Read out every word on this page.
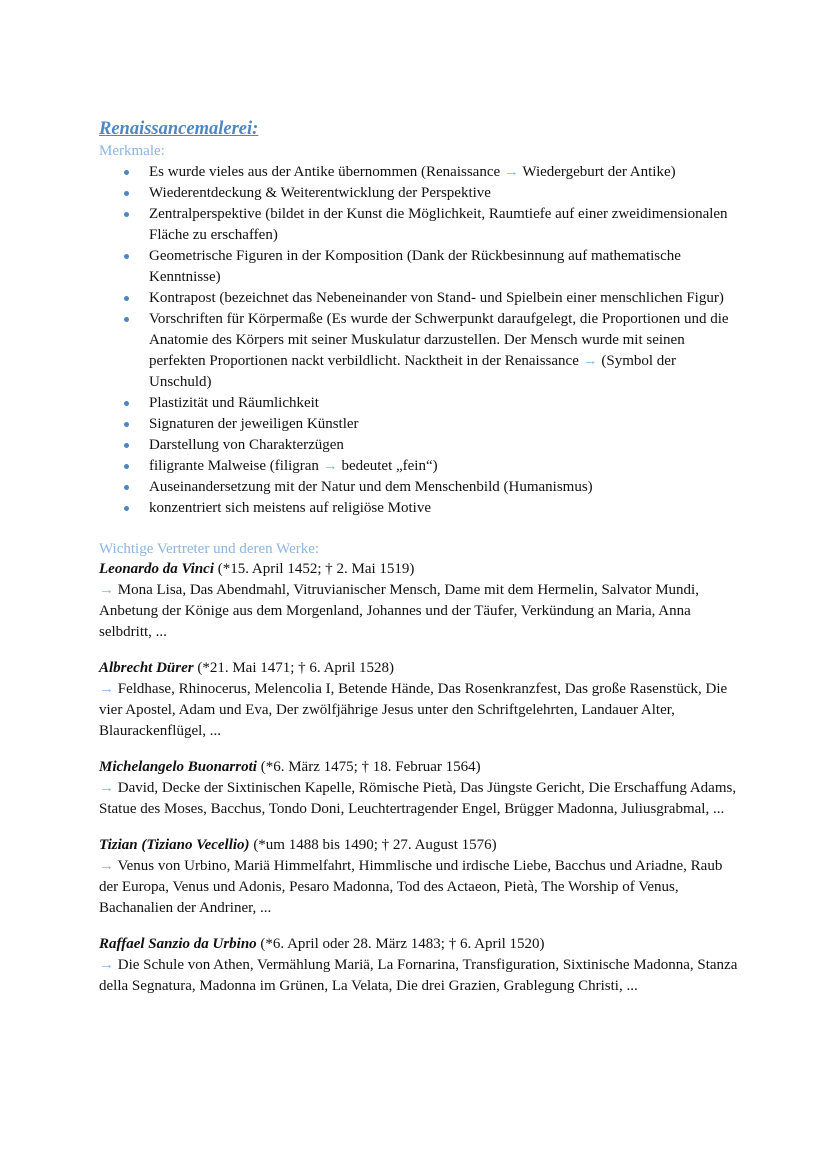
Renaissancemalerei:

Merkmale:

Es wurde vieles aus der Antike übernommen (Renaissance → Wiedergeburt der Antike)
Wiederentdeckung & Weiterentwicklung der Perspektive
Zentralperspektive (bildet in der Kunst die Möglichkeit, Raumtiefe auf einer zweidimensionalen Fläche zu erschaffen)
Geometrische Figuren in der Komposition (Dank der Rückbesinnung auf mathematische Kenntnisse)
Kontrapost (bezeichnet das Nebeneinander von Stand- und Spielbein einer menschlichen Figur)
Vorschriften für Körpermaße (Es wurde der Schwerpunkt daraufgelegt, die Proportionen und die Anatomie des Körpers mit seiner Muskulatur darzustellen. Der Mensch wurde mit seinen perfekten Proportionen nackt verbildlicht. Nacktheit in der Renaissance → (Symbol der Unschuld)
Plastizität und Räumlichkeit
Signaturen der jeweiligen Künstler
Darstellung von Charakterzügen
filigrante Malweise (filigran → bedeutet „fein“)
Auseinandersetzung mit der Natur und dem Menschenbild (Humanismus)
konzentriert sich meistens auf religiöse Motive

Wichtige Vertreter und deren Werke:

Leonardo da Vinci (*15. April 1452; † 2. Mai 1519)

→ Mona Lisa, Das Abendmahl, Vitruvianischer Mensch, Dame mit dem Hermelin, Salvator Mundi, Anbetung der Könige aus dem Morgenland, Johannes und der Täufer, Verkündung an Maria, Anna selbdritt, ...

Albrecht Dürer (*21. Mai 1471; † 6. April 1528)

→ Feldhase, Rhinocerus, Melencolia I, Betende Hände, Das Rosenkranzfest, Das große Rasenstück, Die vier Apostel, Adam und Eva, Der zwölfjährige Jesus unter den Schriftgelehrten, Landauer Alter, Blaurackenflügel, ...

Michelangelo Buonarroti (*6. März 1475; † 18. Februar 1564)

→ David, Decke der Sixtinischen Kapelle, Römische Pietà, Das Jüngste Gericht, Die Erschaffung Adams, Statue des Moses, Bacchus, Tondo Doni, Leuchtertragender Engel, Brügger Madonna, Juliusgrabmal, ...

Tizian (Tiziano Vecellio) (*um 1488 bis 1490; † 27. August 1576)

→ Venus von Urbino, Mariä Himmelfahrt, Himmlische und irdische Liebe, Bacchus und Ariadne, Raub der Europa, Venus und Adonis, Pesaro Madonna, Tod des Actaeon, Pietà, The Worship of Venus, Bachanalien der Andriner, ...

Raffael Sanzio da Urbino (*6. April oder 28. März 1483; † 6. April 1520)

→ Die Schule von Athen, Vermählung Mariä, La Fornarina, Transfiguration, Sixtinische Madonna, Stanza della Segnatura, Madonna im Grünen, La Velata, Die drei Grazien, Grablegung Christi, ...
